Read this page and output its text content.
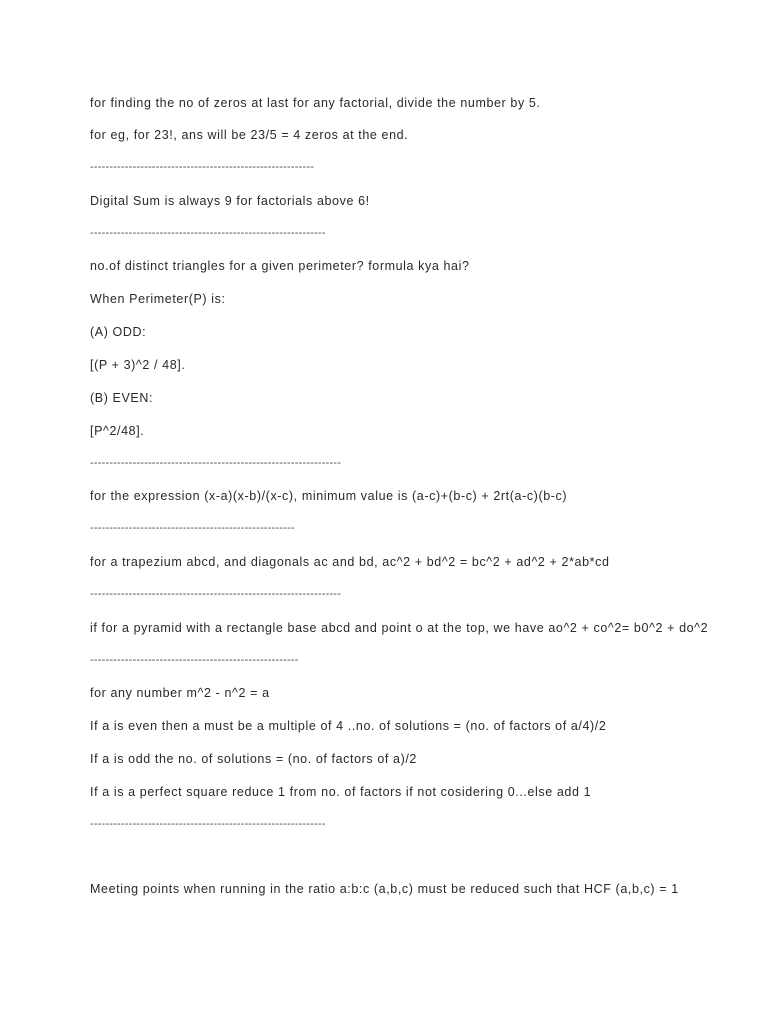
for finding the no of zeros at last for any factorial, divide the number by 5.

for eg, for 23!, ans will be 23/5 = 4 zeros at the end.

----------------------------------------------------------

Digital Sum is always 9 for factorials above 6!

-------------------------------------------------------------

no.of distinct triangles for a given perimeter? formula kya hai?

When Perimeter(P) is:

(A) ODD:

[(P + 3)^2 / 48].

(B) EVEN:

[P^2/48].

-----------------------------------------------------------------

for the expression (x-a)(x-b)/(x-c), minimum value is (a-c)+(b-c) + 2rt(a-c)(b-c)

-----------------------------------------------------

for a trapezium abcd, and diagonals ac and bd, ac^2 + bd^2 = bc^2 + ad^2 + 2*ab*cd

-----------------------------------------------------------------

if for a pyramid with a rectangle base abcd and point o at the top, we have ao^2 + co^2= b0^2 + do^2

------------------------------------------------------

for any number m^2 - n^2 = a

If a is even then a must be a multiple of 4 ..no. of solutions = (no. of factors of a/4)/2

If a is odd the no. of solutions = (no. of factors of a)/2

If a is a perfect square reduce 1 from no. of factors if not cosidering 0...else add 1

-------------------------------------------------------------

Meeting points when running in the ratio a:b:c (a,b,c) must be reduced such that HCF (a,b,c) = 1
